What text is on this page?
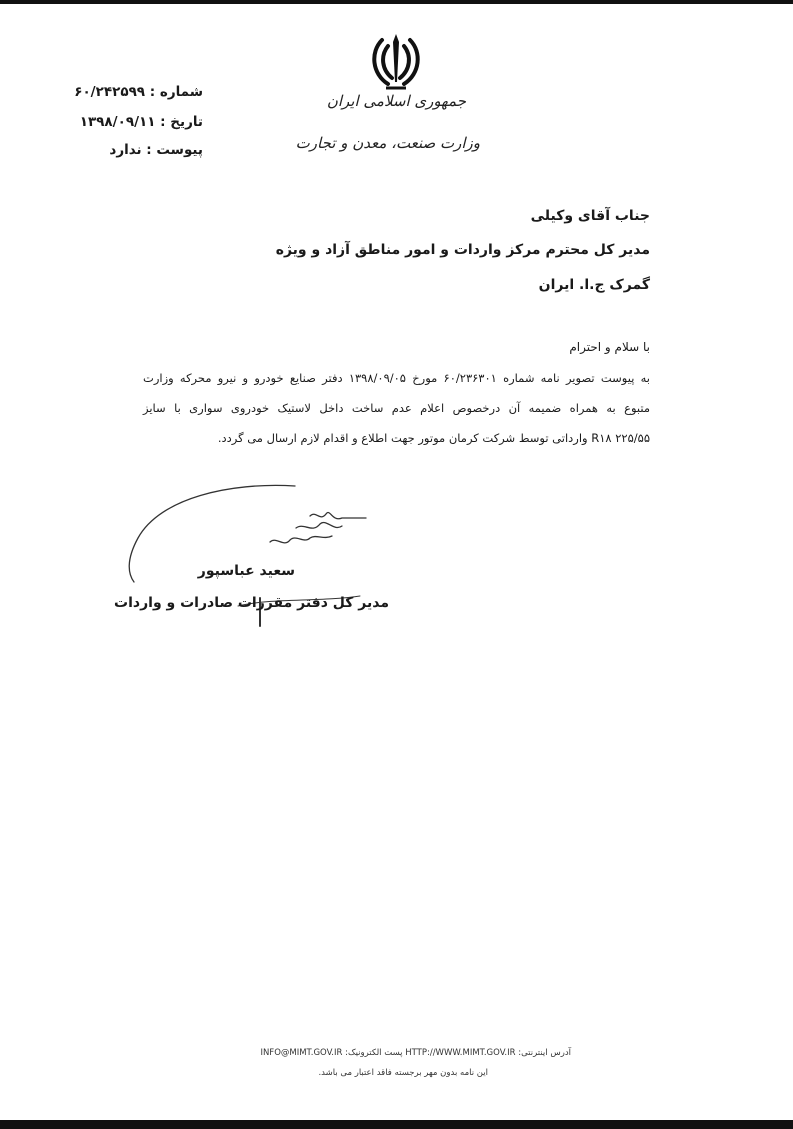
جمهوری اسلامی ایران
وزارت صنعت، معدن و تجارت
شماره : ۶۰/۲۴۲۵۹۹
تاریخ : ۱۳۹۸/۰۹/۱۱
پیوست : ندارد
جناب آقای وکیلی
مدیر کل محترم مرکز واردات و امور مناطق آزاد و ویژه
گمرک ج.ا. ایران
با سلام و احترام
به پیوست تصویر نامه شماره ۶۰/۲۳۶۳۰۱ مورخ ۱۳۹۸/۰۹/۰۵ دفتر صنایع خودرو و نیرو محرکه وزارت
متبوع به همراه ضمیمه آن درخصوص اعلام عدم ساخت داخل لاستیک خودروی سواری با سایز
R۱۸ ۲۲۵/۵۵ وارداتی توسط شرکت کرمان موتور جهت اطلاع و اقدام لازم ارسال می گردد.
سعید عباسپور
مدیر کل دفتر مقررات صادرات و واردات
آدرس اینترنتی: HTTP://WWW.MIMT.GOV.IR پست الکترونیک: INFO@MIMT.GOV.IR
این نامه بدون مهر برجسته فاقد اعتبار می باشد.
